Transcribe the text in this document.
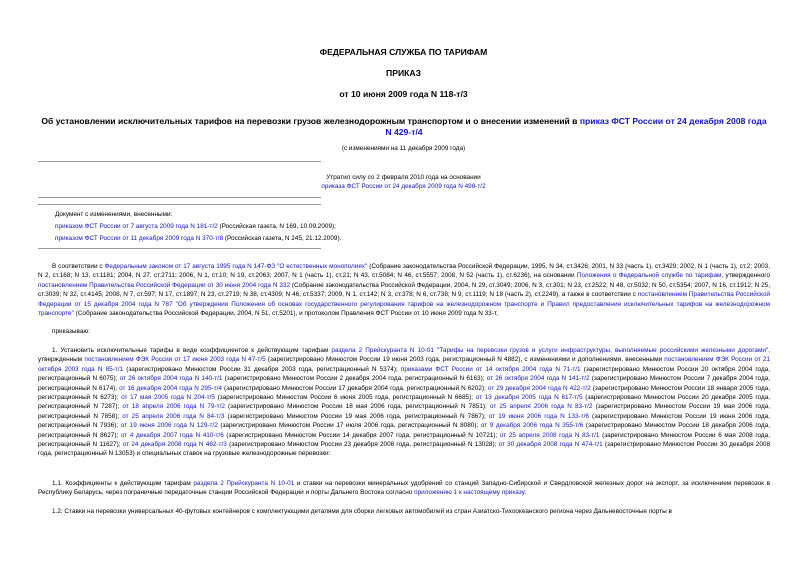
ФЕДЕРАЛЬНАЯ СЛУЖБА ПО ТАРИФАМ
ПРИКАЗ
от 10 июня 2009 года N 118-т/3
Об установлении исключительных тарифов на перевозки грузов железнодорожным транспортом и о внесении изменений в приказ ФСТ России от 24 декабря 2008 года N 429-т/4
(с изменениями на 11 декабря 2009 года)
Утратил силу со 2 февраля 2010 года на основании
приказа ФСТ России от 24 декабря 2009 года N 498-т/2
Документ с изменениями, внесенными:
приказом ФСТ России от 7 августа 2009 года N 181-т/2 (Российская газета, N 169, 10.09.2009);
приказом ФСТ России от 11 декабря 2009 года N 370-т/8 (Российская газета, N 245, 21.12.2009).
В соответствии с Федеральным законом от 17 августа 1995 года N 147-ФЗ "О естественных монополиях" (Собрание законодательства Российской Федерации, 1995, N 34, ст.3426; 2001, N 33 (часть 1), ст.3429; 2002, N 1 (часть 1), ст.2; 2003, N 2, ст.168; N 13, ст.1181; 2004, N 27, ст.2711; 2006, N 1, ст.10; N 19, ст.2063; 2007, N 1 (часть 1), ст.21; N 43, ст.5084; N 46, ст.5557; 2008, N 52 (часть 1), ст.6236), на основании Положения о Федеральной службе по тарифам, утвержденного постановлением Правительства Российской Федерации от 30 июня 2004 года N 332 (Собрание законодательства Российской Федерации, 2004, N 29, ст.3049; 2006, N 3, ст.301; N 23, ст.2522; N 48, ст.5032; N 50, ст.5354; 2007, N 16, ст.1912; N 25, ст.3039; N 32, ст.4145; 2008, N 7, ст.597; N 17, ст.1897; N 23, ст.2719; N 38, ст.4309; N 46, ст.5337; 2009, N 1, ст.142; N 3, ст.378; N 6, ст.738; N 9, ст.1119; N 18 (часть 2), ст.2249), а также в соответствии с постановлением Правительства Российской Федерации от 15 декабря 2004 года N 787 "Об утверждении Положения об основах государственного регулирования тарифов на железнодорожном транспорте и Правил предоставления исключительных тарифов на железнодорожном транспорте" (Собрание законодательства Российской Федерации, 2004, N 51, ст.5201), и протоколом Правления ФСТ России от 10 июня 2009 года N 33-т,
приказываю:
1. Установить исключительные тарифы в виде коэффициентов к действующим тарифам раздела 2 Прейскуранта N 10-01 "Тарифы на перевозки грузов и услуги инфраструктуры, выполняемые российскими железными дорогами", утвержденным постановлением ФЭК России от 17 июня 2003 года N 47-т/5 (зарегистрировано Минюстом России 19 июня 2003 года, регистрационный N 4882), с изменениями и дополнениями, внесенными постановлением ФЭК России от 21 октября 2003 года N 85-т/1 (зарегистрировано Минюстом России 31 декабря 2003 года, регистрационный N 5374); приказами ФСТ России от 14 октября 2004 года N 71-т/1 (зарегистрировано Минюстом России 20 октября 2004 года, регистрационный N 6075); от 26 октября 2004 года N 140-т/1 (зарегистрировано Минюстом России 2 декабря 2004 года, регистрационный N 6163); от 26 октября 2004 года N 141-т/2 (зарегистрировано Минюстом России 7 декабря 2004 года, регистрационный N 6174); от 16 декабря 2004 года N 295-т/4 (зарегистрировано Минюстом России 17 декабря 2004 года, регистрационный N 6202); от 29 декабря 2004 года N 422-т/2 (зарегистрировано Минюстом России 18 января 2005 года, регистрационный N 6273); от 17 мая 2005 года N 204-т/5 (зарегистрировано Минюстом России 6 июня 2005 года, регистрационный N 6685); от 13 декабря 2005 года N 617-т/5 (зарегистрировано Минюстом России 20 декабря 2005 года, регистрационный N 7287); от 18 апреля 2006 года N 79-т/2 (зарегистрировано Минюстом России 18 мая 2006 года, регистрационный N 7851); от 25 апреля 2006 года N 83-т/2 (зарегистрировано Минюстом России 19 мая 2006 года, регистрационный N 7858); от 25 апреля 2006 года N 84-т/3 (зарегистрировано Минюстом России 19 мая 2006 года, регистрационный N 7867); от 19 июня 2006 года N 133-т/6 (зарегистрировано Минюстом России 19 июня 2006 года, регистрационный N 7936); от 19 июня 2006 года N 129-т/2 (зарегистрировано Минюстом России 17 июля 2006 года, регистрационный N 8080); от 9 декабря 2006 года N 355-т/6 (зарегистрировано Минюстом России 18 декабря 2006 года, регистрационный N 8627); от 4 декабря 2007 года N 410-т/6 (зарегистрировано Минюстом России 14 декабря 2007 года, регистрационный N 10721); от 25 апреля 2008 года N 83-т/1 (зарегистрировано Минюстом России 6 мая 2008 года, регистрационный N 11627); от 24 декабря 2008 года N 462-т/3 (зарегистрировано Минюстом России 23 декабря 2008 года, регистрационный N 13028); от 30 декабря 2008 года N 474-т/1 (зарегистрировано Минюстом России 30 декабря 2008 года, регистрационный N 13053) и специальных ставок на грузовые железнодорожные перевозки:
1.1. Коэффициенты к действующим тарифам раздела 2 Прейскуранта N 10-01 и ставки на перевозки минеральных удобрений со станций Западно-Сибирской и Свердловской железных дорог на экспорт, за исключением перевозок в Республику Беларусь, через пограничные передаточные станции Российской Федерации и порты Дальнего Востока согласно приложению 1 к настоящему приказу.
1.2. Ставки на перевозки универсальных 40-футовых контейнеров с комплектующими деталями для сборки легковых автомобилей из стран Азиатско-Тихоокеанского региона через Дальневосточные порты в
